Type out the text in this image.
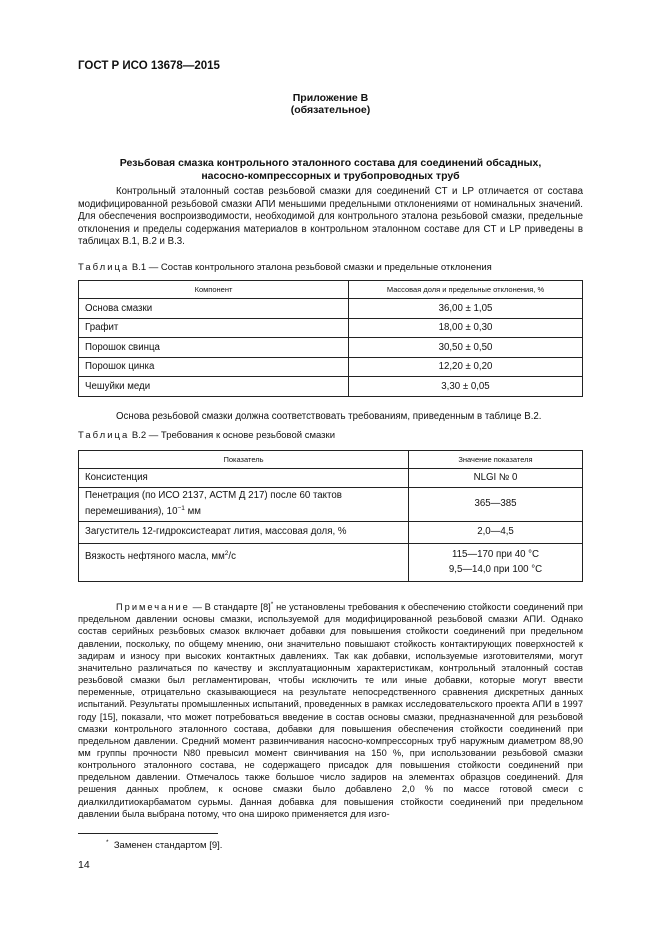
ГОСТ Р ИСО 13678—2015
Приложение В
(обязательное)
Резьбовая смазка контрольного эталонного состава для соединений обсадных,
насосно-компрессорных и трубопроводных труб
Контрольный эталонный состав резьбовой смазки для соединений CT и LP отличается от состава модифицированной резьбовой смазки АПИ меньшими предельными отклонениями от номинальных значений. Для обеспечения воспроизводимости, необходимой для контрольного эталона резьбовой смазки, предельные отклонения и пределы содержания материалов в контрольном эталонном составе для CT и LP приведены в таблицах В.1, В.2 и В.3.
Таблица В.1 — Состав контрольного эталона резьбовой смазки и предельные отклонения
Компонент	Массовая доля и предельные отклонения, %
Основа смазки	36,00 ± 1,05
Графит	18,00 ± 0,30
Порошок свинца	30,50 ± 0,50
Порошок цинка	12,20 ± 0,20
Чешуйки меди	3,30 ± 0,05
Основа резьбовой смазки должна соответствовать требованиям, приведенным в таблице В.2.
Таблица В.2 — Требования к основе резьбовой смазки
Показатель	Значение показателя
Консистенция	NLGI № 0
Пенетрация (по ИСО 2137, АСТМ Д 217) после 60 тактов перемешивания), $10^{-1}$ мм	365—385
Загуститель 12-гидроксистеарат лития, массовая доля, %	2,0—4,5
Вязкость нефтяного масла, $мм^2/с$	115—170 при 40 °С
9,5—14,0 при 100 °С
Примечание — В стандарте [8]* не установлены требования к обеспечению стойкости соединений при предельном давлении основы смазки, используемой для модифицированной резьбовой смазки АПИ. Однако состав серийных резьбовых смазок включает добавки для повышения стойкости соединений при предельном давлении, поскольку, по общему мнению, они значительно повышают стойкость контактирующих поверхностей к задирам и износу при высоких контактных давлениях. Так как добавки, используемые изготовителями, могут значительно различаться по качеству и эксплуатационным характеристикам, контрольный эталонный состав резьбовой смазки был регламентирован, чтобы исключить те или иные добавки, которые могут ввести переменные, отрицательно сказывающиеся на результате непосредственного сравнения дискретных данных испытаний. Результаты промышленных испытаний, проведенных в рамках исследовательского проекта АПИ в 1997 году [15], показали, что может потребоваться введение в состав основы смазки, предназначенной для резьбовой смазки контрольного эталонного состава, добавки для повышения обеспечения стойкости соединений при предельном давлении. Средний момент развинчивания насосно-компрессорных труб наружным диаметром 88,90 мм группы прочности N80 превысил момент свинчивания на 150 %, при использовании резьбовой смазки контрольного эталонного состава, не содержащего присадок для повышения стойкости соединений при предельном давлении. Отмечалось также большое число задиров на элементах образцов соединений. Для решения данных проблем, к основе смазки было добавлено 2,0 % по массе готовой смеси с диалкилдитиокарбаматом сурьмы. Данная добавка для повышения стойкости соединений при предельном давлении была выбрана потому, что она широко применяется для изго-
* Заменен стандартом [9].
14
